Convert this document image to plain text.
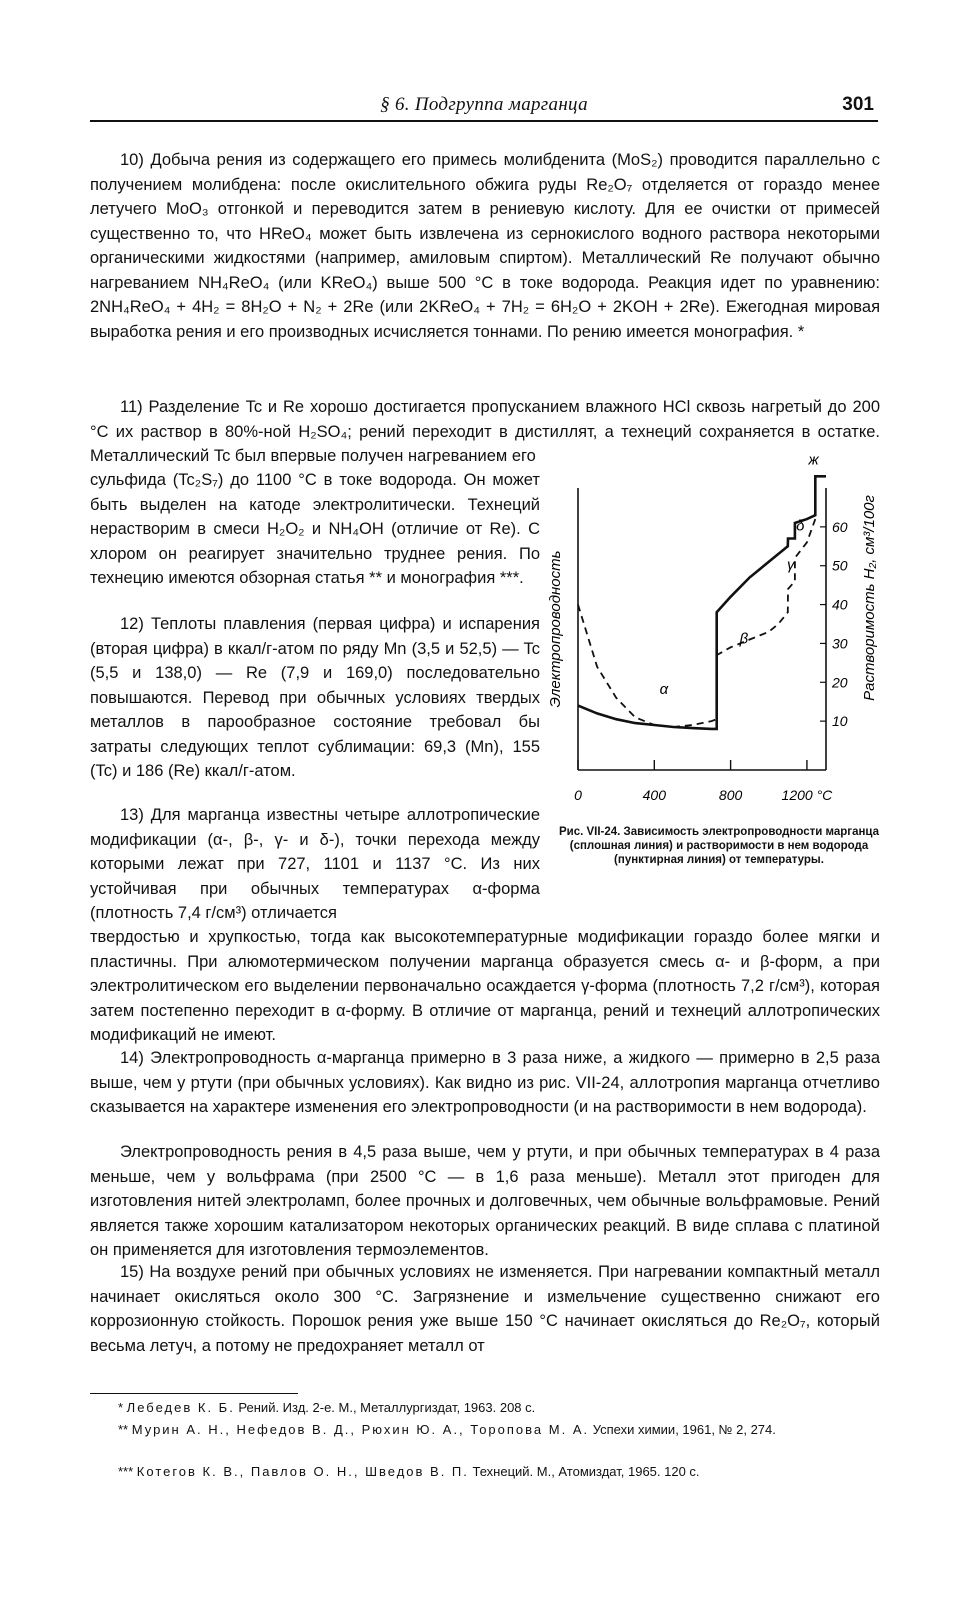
§ 6. Подгруппа марганца	301

10) Добыча рения из содержащего его примесь молибденита (MoS₂) проводится параллельно с получением молибдена: после окислительного обжига руды Re₂O₇ отделяется от гораздо менее летучего MoO₃ отгонкой и переводится затем в рениевую кислоту. Для ее очистки от примесей существенно то, что HReO₄ может быть извлечена из сернокислого водного раствора некоторыми органическими жидкостями (например, амиловым спиртом). Металлический Re получают обычно нагреванием NH₄ReO₄ (или KReO₄) выше 500 °C в токе водорода. Реакция идет по уравнению: 2NH₄ReO₄ + 4H₂ = 8H₂O + N₂ + 2Re (или 2KReO₄ + 7H₂ = 6H₂O + 2KOH + 2Re). Ежегодная мировая выработка рения и его производных исчисляется тоннами. По рению имеется монография. *

11) Разделение Tc и Re хорошо достигается пропусканием влажного HCl сквозь нагретый до 200 °C их раствор в 80%-ной H₂SO₄; рений переходит в дистиллят, а технеций сохраняется в остатке. Металлический Tc был впервые получен нагреванием его

сульфида (Tc₂S₇) до 1100 °C в токе водорода. Он может быть выделен на катоде электролитически. Технеций нерастворим в смеси H₂O₂ и NH₄OH (отличие от Re). С хлором он реагирует значительно труднее рения. По технецию имеются обзорная статья ** и монография ***.

12) Теплоты плавления (первая цифра) и испарения (вторая цифра) в ккал/г-атом по ряду Mn (3,5 и 52,5) — Tc (5,5 и 138,0) — Re (7,9 и 169,0) последовательно повышаются. Перевод при обычных условиях твердых металлов в парообразное состояние требовал бы затраты следующих теплот сублимации: 69,3 (Mn), 155 (Tc) и 186 (Re) ккал/г-атом.

13) Для марганца известны четыре аллотропические модификации (α-, β-, γ- и δ-), точки перехода между которыми лежат при 727, 1101 и 1137 °C. Из них устойчивая при обычных температурах α-форма (плотность 7,4 г/см³) отличается

твердостью и хрупкостью, тогда как высокотемпературные модификации гораздо более мягки и пластичны. При алюмотермическом получении марганца образуется смесь α- и β-форм, а при электролитическом его выделении первоначально осаждается γ-форма (плотность 7,2 г/см³), которая затем постепенно переходит в α-форму. В отличие от марганца, рений и технеций аллотропических модификаций не имеют.

14) Электропроводность α-марганца примерно в 3 раза ниже, а жидкого — примерно в 2,5 раза выше, чем у ртути (при обычных условиях). Как видно из рис. VII-24, аллотропия марганца отчетливо сказывается на характере изменения его электропроводности (и на растворимости в нем водорода).

Электропроводность рения в 4,5 раза выше, чем у ртути, и при обычных температурах в 4 раза меньше, чем у вольфрама (при 2500 °C — в 1,6 раза меньше). Металл этот пригоден для изготовления нитей электроламп, более прочных и долговечных, чем обычные вольфрамовые. Рений является также хорошим катализатором некоторых органических реакций. В виде сплава с платиной он применяется для изготовления термоэлементов.

15) На воздухе рений при обычных условиях не изменяется. При нагревании компактный металл начинает окисляться около 300 °C. Загрязнение и измельчение существенно снижают его коррозионную стойкость. Порошок рения уже выше 150 °C начинает окисляться до Re₂O₇, который весьма летуч, а потому не предохраняет металл от

0	400	800	1200 °C
10
20
30
40
50
60
α
β
γ
δ
ж
Электропроводность	Растворимость H₂, см³/100г
Рис. VII-24. Зависимость электропроводности марганца (сплошная линия) и растворимости в нем водорода (пунктирная линия) от температуры.

* Лебедев К. Б. Рений. Изд. 2-е. М., Металлургиздат, 1963. 208 с.

** Мурин А. Н., Нефедов В. Д., Рюхин Ю. А., Торопова М. А. Успехи химии, 1961, № 2, 274.

*** Котегов К. В., Павлов О. Н., Шведов В. П. Технеций. М., Атомиздат, 1965. 120 с.
